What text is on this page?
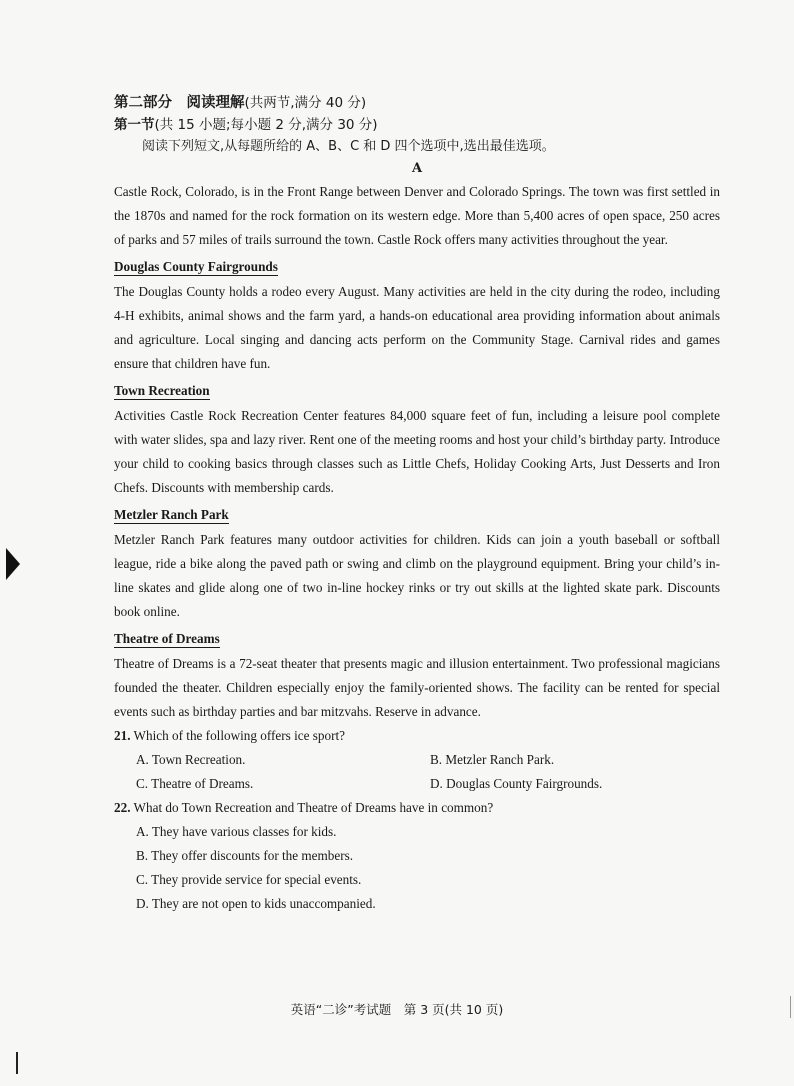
第二部分　阅读理解(共两节,满分 40 分)
第一节(共 15 小题;每小题 2 分,满分 30 分)
阅读下列短文,从每题所给的 A、B、C 和 D 四个选项中,选出最佳选项。
A

Castle Rock, Colorado, is in the Front Range between Denver and Colorado Springs. The town was first settled in the 1870s and named for the rock formation on its western edge. More than 5,400 acres of open space, 250 acres of parks and 57 miles of trails surround the town. Castle Rock offers many activities throughout the year.

Douglas County Fairgrounds

The Douglas County holds a rodeo every August. Many activities are held in the city during the rodeo, including 4-H exhibits, animal shows and the farm yard, a hands-on educational area providing information about animals and agriculture. Local singing and dancing acts perform on the Community Stage. Carnival rides and games ensure that children have fun.

Town Recreation

Activities Castle Rock Recreation Center features 84,000 square feet of fun, including a leisure pool complete with water slides, spa and lazy river. Rent one of the meeting rooms and host your child’s birthday party. Introduce your child to cooking basics through classes such as Little Chefs, Holiday Cooking Arts, Just Desserts and Iron Chefs. Discounts with membership cards.

Metzler Ranch Park

Metzler Ranch Park features many outdoor activities for children. Kids can join a youth baseball or softball league, ride a bike along the paved path or swing and climb on the playground equipment. Bring your child’s in-line skates and glide along one of two in-line hockey rinks or try out skills at the lighted skate park. Discounts book online.

Theatre of Dreams

Theatre of Dreams is a 72-seat theater that presents magic and illusion entertainment. Two professional magicians founded the theater. Children especially enjoy the family-oriented shows. The facility can be rented for special events such as birthday parties and bar mitzvahs. Reserve in advance.

21. Which of the following offers ice sport?
A. Town Recreation.	B. Metzler Ranch Park.
C. Theatre of Dreams.	D. Douglas County Fairgrounds.
22. What do Town Recreation and Theatre of Dreams have in common?
A. They have various classes for kids.
B. They offer discounts for the members.
C. They provide service for special events.
D. They are not open to kids unaccompanied.
英语“二诊”考试题　第 3 页(共 10 页)
